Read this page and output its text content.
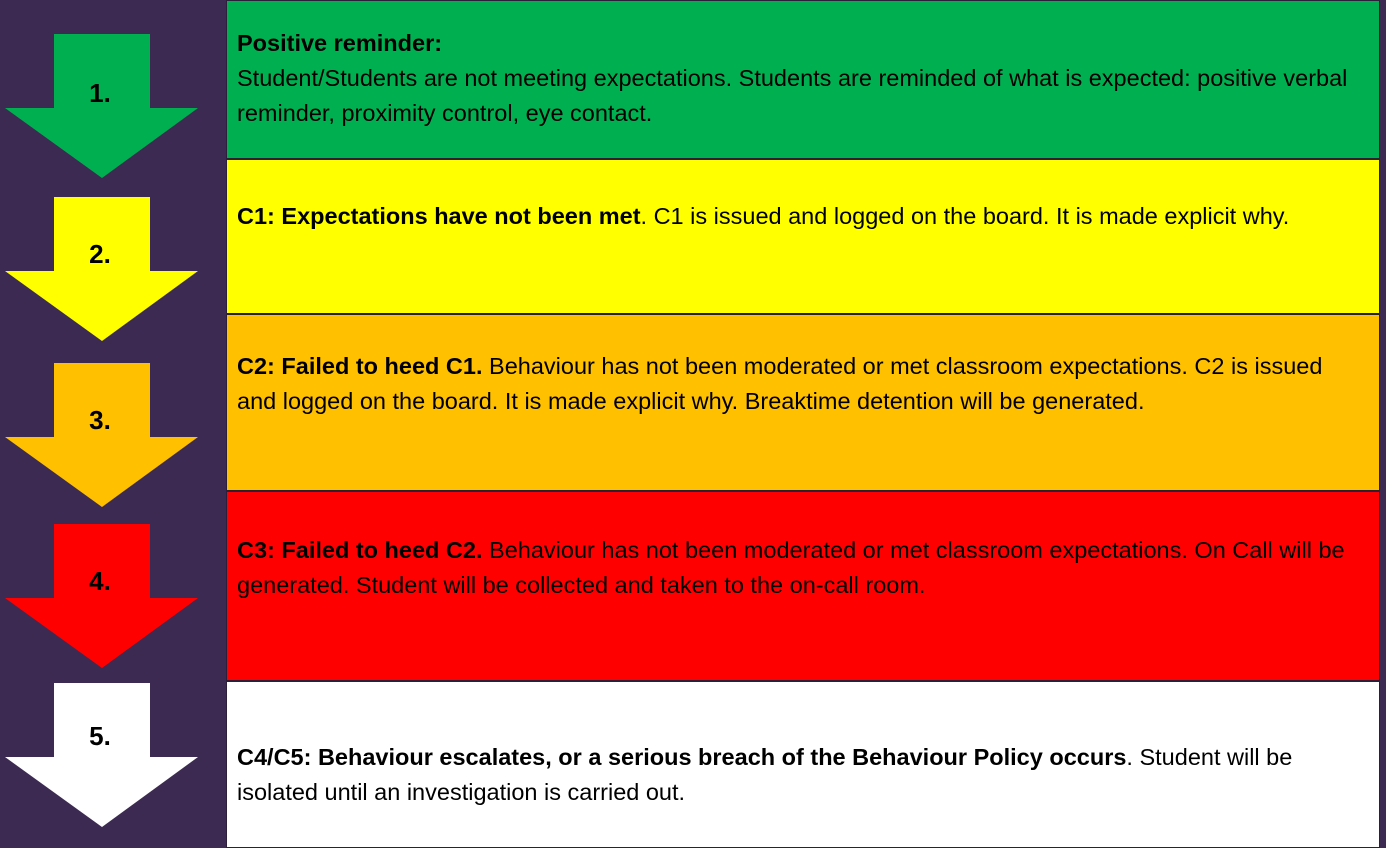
1.
2.
3.
4.
5.
Positive reminder:
Student/Students are not meeting expectations. Students are reminded of what is expected: positive verbal reminder, proximity control, eye contact.
C1: Expectations have not been met. C1 is issued and logged on the board. It is made explicit why.
C2: Failed to heed C1. Behaviour has not been moderated or met classroom expectations. C2 is issued and logged on the board. It is made explicit why. Breaktime detention will be generated.
C3: Failed to heed C2. Behaviour has not been moderated or met classroom expectations. On Call will be generated. Student will be collected and taken to the on-call room.
C4/C5: Behaviour escalates, or a serious breach of the Behaviour Policy occurs. Student will be isolated until an investigation is carried out.
